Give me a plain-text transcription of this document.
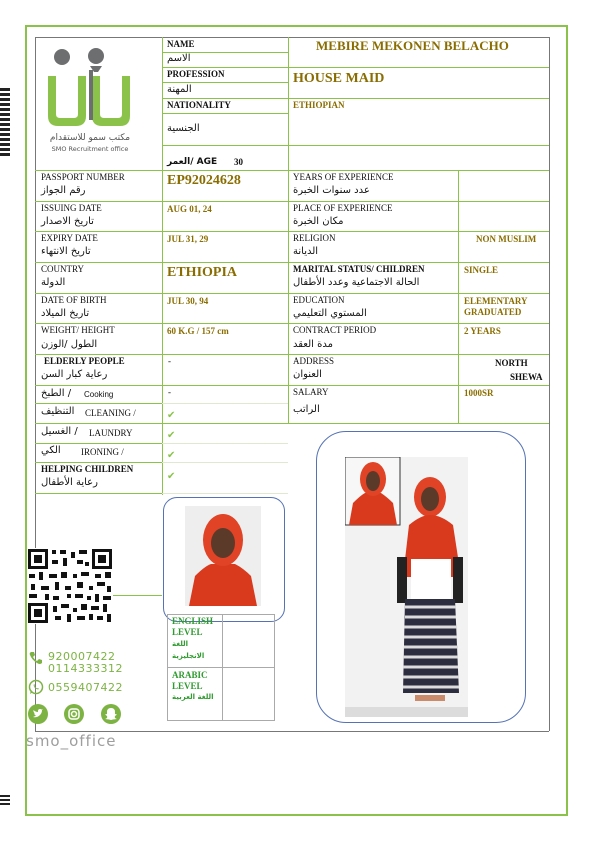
مكتب سمو للاستقدام
SMO Recruitment office
NAME
الاسم
PROFESSION
المهنة
NATIONALITY
الجنسية
العمر/ AGE 30
MEBIRE MEKONEN BELACHO
HOUSE MAID
ETHIOPIAN
PASSPORT NUMBER
رقم الجواز
ISSUING DATE
تاريخ الاصدار
EXPIRY DATE
تاريخ الانتهاء
COUNTRY
الدولة
DATE OF BIRTH
تاريخ الميلاد
WEIGHT/ HEIGHT
الطول /الوزن
ELDERLY PEOPLE
رعاية كبار السن
الطبخ / Cooking
التنظيف CLEANING /
الغسيل / LAUNDRY
الكي IRONING /
HELPING CHILDREN
رعاية الأطفال
EP92024628
AUG 01, 24
JUL 31, 29
ETHIOPIA
JUL 30, 94
60 K.G / 157 cm
-
-
✔
✔
✔
✔
YEARS OF EXPERIENCE
عدد سنوات الخبرة
PLACE OF EXPERIENCE
مكان الخبرة
RELIGION
الديانة
MARITAL STATUS/ CHILDREN
الحالة الاجتماعية وعدد الأطفال
EDUCATION
المستوي التعليمي
CONTRACT PERIOD
مدة العقد
ADDRESS
العنوان
SALARY
الراتب
NON MUSLIM
SINGLE
ELEMENTARY
GRADUATED
2 YEARS
NORTH
SHEWA
1000SR
ENGLISH
LEVEL
اللغة
الانجليزية
ARABIC
LEVEL
اللغة العربية
920007422
0114333312
0559407422
smo_office
